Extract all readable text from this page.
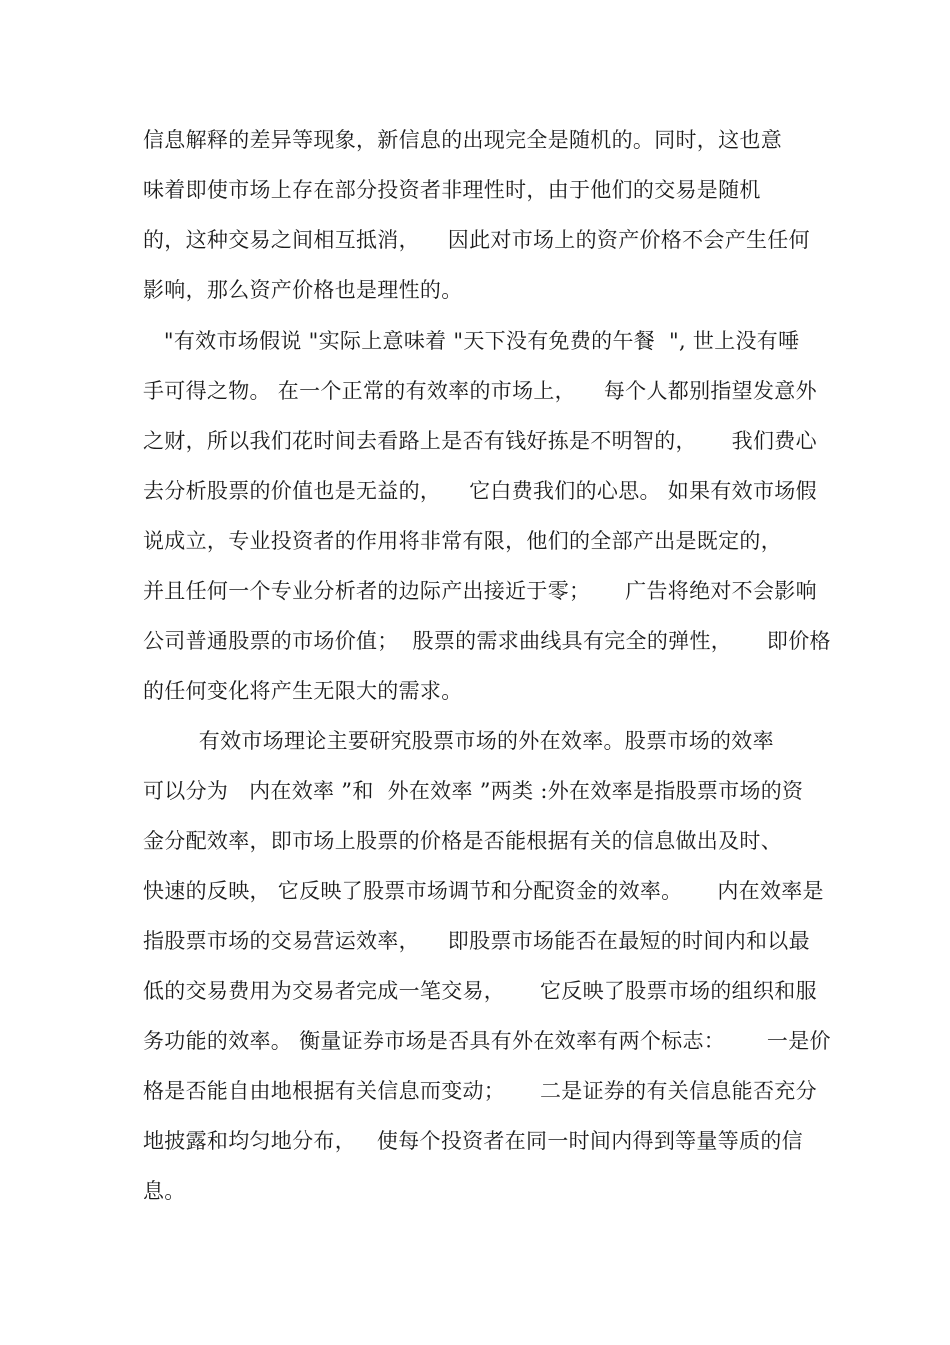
信息解释的差异等现象，新信息的出现完全是随机的。同时，这也意
味着即使市场上存在部分投资者非理性时，由于他们的交易是随机
的，这种交易之间相互抵消，    因此对市场上的资产价格不会产生任何
影响，那么资产价格也是理性的。
"有效市场假说 "实际上意味着 "天下没有免费的午餐  ", 世上没有唾
手可得之物。 在一个正常的有效率的市场上，    每个人都别指望发意外
之财，所以我们花时间去看路上是否有钱好拣是不明智的，     我们费心
去分析股票的价值也是无益的，    它白费我们的心思。 如果有效市场假
说成立，专业投资者的作用将非常有限，他们的全部产出是既定的，
并且任何一个专业分析者的边际产出接近于零；     广告将绝对不会影响
公司普通股票的市场价值；  股票的需求曲线具有完全的弹性，     即价格
的任何变化将产生无限大的需求。
有效市场理论主要研究股票市场的外在效率。股票市场的效率
可以分为   内在效率 ”和  外在效率 ”两类 :外在效率是指股票市场的资
金分配效率，即市场上股票的价格是否能根据有关的信息做出及时、
快速的反映， 它反映了股票市场调节和分配资金的效率。     内在效率是
指股票市场的交易营运效率，    即股票市场能否在最短的时间内和以最
低的交易费用为交易者完成一笔交易，     它反映了股票市场的组织和服
务功能的效率。 衡量证券市场是否具有外在效率有两个标志：      一是价
格是否能自由地根据有关信息而变动；     二是证券的有关信息能否充分
地披露和均匀地分布，   使每个投资者在同一时间内得到等量等质的信
息。
